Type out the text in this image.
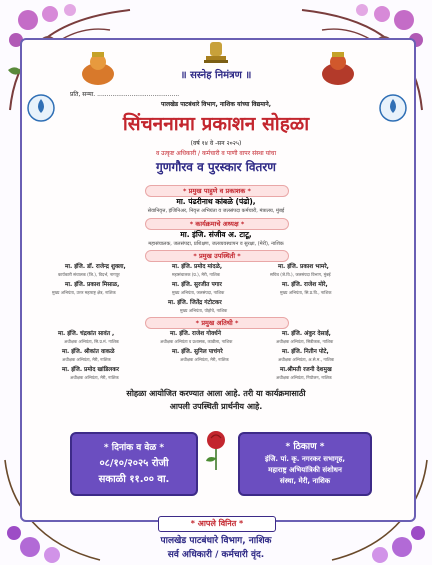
॥ सस्नेह निमंत्रण ॥
प्रति, सन्मा. ...........................................
पालखेड पाटबंधारे विभाग, नाशिक यांच्या विद्यमाने,
सिंचननामा प्रकाशन सोहळा
(वर्ष १४ वे -सन २०२५)
व उत्कृष्ट अधिकारी / कर्मचारी व पाणी वापर संस्था यांचा
गुणगौरव व पुरस्कार वितरण
* प्रमुख पाहुणे व प्रकाशक *
मा. पंढरीनाथ कांबळे (पंढो),
सेवानिवृत्त, इंजिनिअर, निवृत्त अभियंता व जलसंपदा कर्मचारी, मंत्रालय, मुंबई
* कार्यक्रमाचे अध्यक्ष *
मा. इंजि. संजीव अ. टाटू,
महासंचालक, जलसंपदा, प्रशिक्षण, जलव्यवस्थापन व सुरक्षा, (मेरी), नाशिक
* प्रमुख उपस्थिती *
मा. इंजि. डॉ. राजेन्द्र शुक्ला,
कार्यकारी संचालक (जि.), विदर्भ, नागपूर
मा. इंजि. प्रमोद मांदळे,
महासंचालक (प्र.), मेरी, नाशिक
मा. इंजि. प्रकाश भामरे,
सचिव (जे.वि.), जलसंपदा विभाग, मुंबई
मा. इंजि. प्रकाश मिसाळ,
मुख्य अभियंता, उत्तर महाराष्ट्र क्षेत्र, नाशिक
मा. इंजि. सुरजीत पगार
मुख्य अभियंता, जलसंपदा, नाशिक
मा. इंजि. राजेश मोरे,
मुख्य अभियंता, सि.प्र.वि., नाशिक
मा. इंजि. जितेंद्र गंटोटकर
मुख्य अभियंता, पोहोचे, नाशिक
* प्रमुख अतिथी *
मा. इंजि. चंद्रकांत सावंत ,
अधीक्षक अभियंता, सि.प्र.मं. नाशिक
मा. इंजि. राजेश गोवर्धने
अधीक्षक अभियंता व प्रशासक, काडीला, नाशिक
मा. इंजि. अंकुर देसाई,
अधीक्षक अभियंता, सिडीकक, नाशिक
मा. इंजि. श्रीकांत वाकळे
अधीक्षक अभियंता, मेरी, नाशिक
मा. इंजि. सुनिल पाचंगरे
अधीक्षक अभियंता, मेरी, नाशिक
मा. इंजि. नितीन पोटे,
अधीक्षक अभियंता, अ.से.म., नाशिक
मा. इंजि. प्रमोद खांडिलकर
अधीक्षक अभियंता, मेरी, नाशिक
मा.श्रीमती रजनी देशमुख
अधीक्षक अभियंता, नियोजन, नाशिक
सोहळा आयोजित करण्यात आला आहे. तरी या कार्यक्रमासाठी
आपली उपस्थिती प्रार्थनीय आहे.
* दिनांक व वेळ *
०८/१०/२०२५ रोजी
सकाळी ११.०० वा.
* ठिकाण *
इंजि. पां. कृ. नगरकर सभागृह,
महाराष्ट्र अभियांत्रिकी संशोधन
संस्था, मेरी, नाशिक
* आपले विनित *
पालखेड पाटबंधारे विभाग, नाशिक
सर्व अधिकारी / कर्मचारी वृंद.
